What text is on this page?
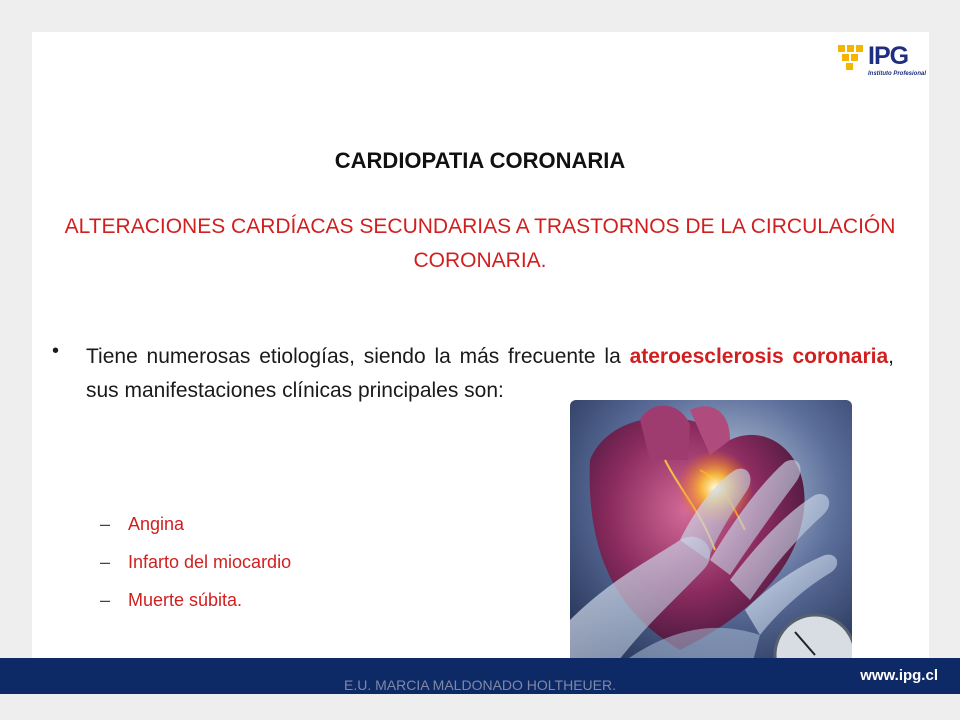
IPG
Instituto Profesional
CARDIOPATIA CORONARIA
ALTERACIONES CARDÍACAS SECUNDARIAS A TRASTORNOS DE LA CIRCULACIÓN CORONARIA.
• Tiene numerosas etiologías, siendo la más frecuente la ateroesclerosis coronaria, sus manifestaciones clínicas principales son:
– Angina
– Infarto del miocardio
– Muerte súbita.
www.ipg.cl
E.U. MARCIA MALDONADO HOLTHEUER.
